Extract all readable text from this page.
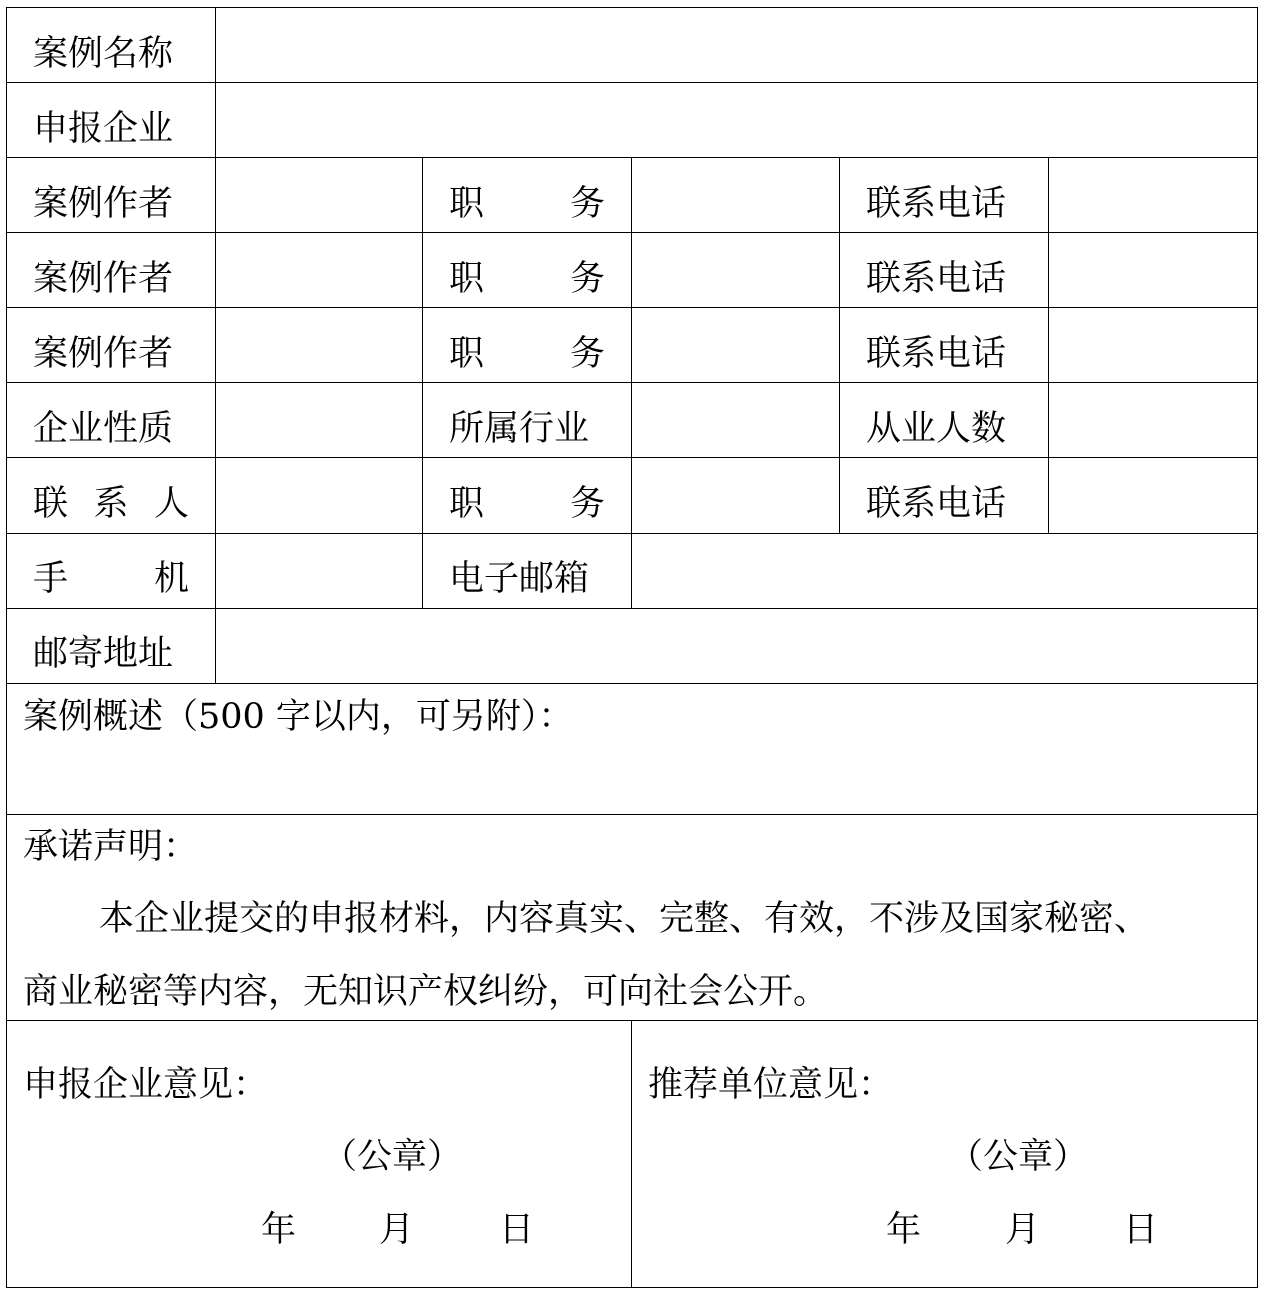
案例名称
申报企业
案例作者	职 务	联系电话
案例作者	职 务	联系电话
案例作者	职 务	联系电话
企业性质	所属行业	从业人数
联 系 人	职 务	联系电话
手 机	电子邮箱
邮寄地址
案例概述（500 字以内，可另附）：
承诺声明：
本企业提交的申报材料，内容真实、完整、有效，不涉及国家秘密、
商业秘密等内容，无知识产权纠纷，可向社会公开。
申报企业意见：
（公章）
年 月 日
推荐单位意见：
（公章）
年 月 日
